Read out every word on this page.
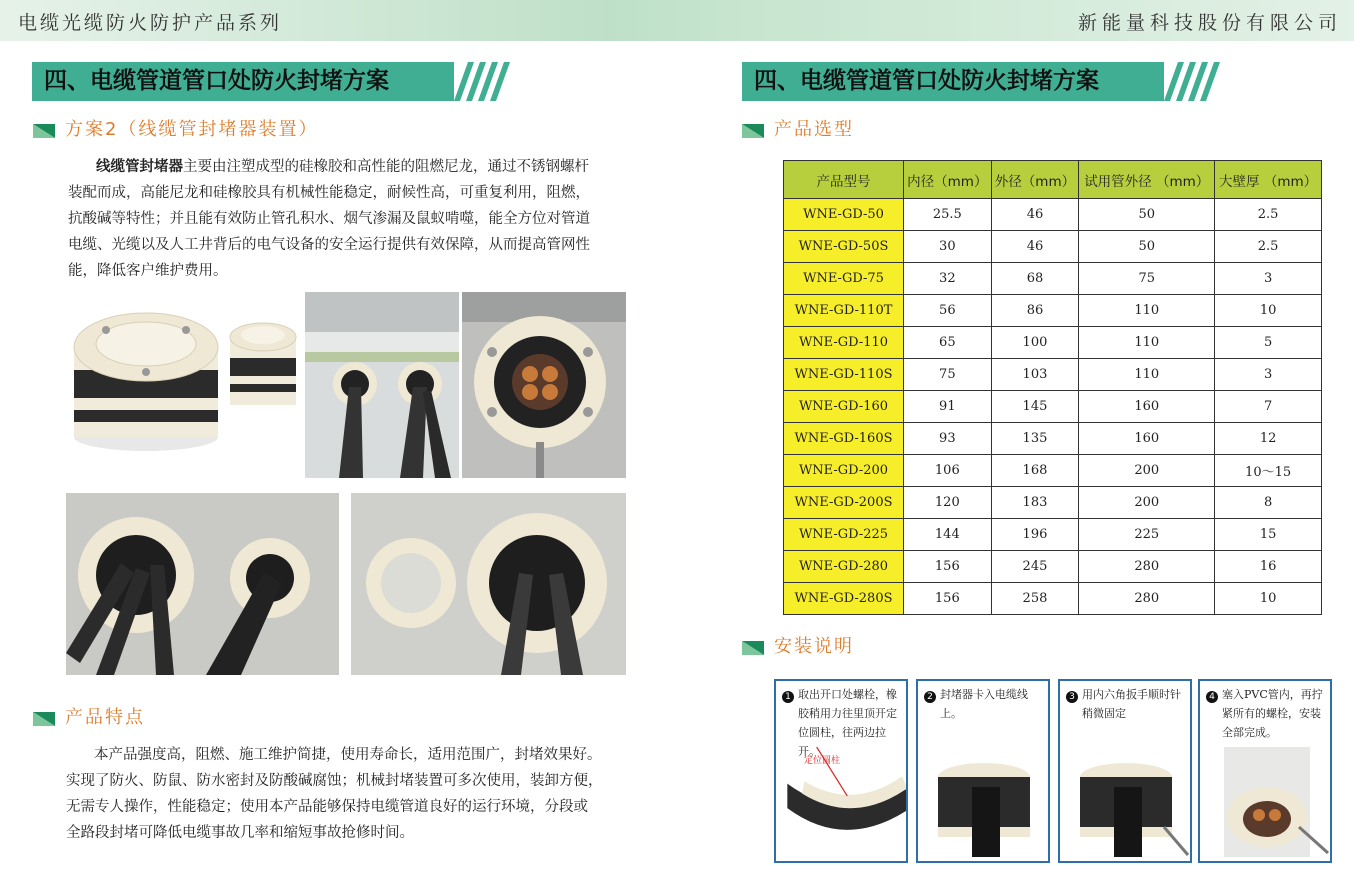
电缆光缆防火防护产品系列	新能量科技股份有限公司
四、电缆管道管口处防火封堵方案
方案2（线缆管封堵器装置）
线缆管封堵器主要由注塑成型的硅橡胶和高性能的阻燃尼龙，通过不锈钢螺杆
装配而成，高能尼龙和硅橡胶具有机械性能稳定，耐候性高，可重复利用，阻燃，
抗酸碱等特性；并且能有效防止管孔积水、烟气渗漏及鼠蚁啃噬，能全方位对管道
电缆、光缆以及人工井背后的电气设备的安全运行提供有效保障，从而提高管网性
能，降低客户维护费用。
产品特点
本产品强度高，阻燃、施工维护简捷，使用寿命长，适用范围广，封堵效果好。
实现了防火、防鼠、防水密封及防酸碱腐蚀；机械封堵装置可多次使用，装卸方便，
无需专人操作，性能稳定；使用本产品能够保持电缆管道良好的运行环境，分段或
全路段封堵可降低电缆事故几率和缩短事故抢修时间。
四、电缆管道管口处防火封堵方案
产品选型
产品型号	内径（mm）	外径（mm）	试用管外径 （mm）	大壁厚 （mm）
WNE-GD-50	25.5	46	50	2.5
WNE-GD-50S	30	46	50	2.5
WNE-GD-75	32	68	75	3
WNE-GD-110T	56	86	110	10
WNE-GD-110	65	100	110	5
WNE-GD-110S	75	103	110	3
WNE-GD-160	91	145	160	7
WNE-GD-160S	93	135	160	12
WNE-GD-200	106	168	200	10～15
WNE-GD-200S	120	183	200	8
WNE-GD-225	144	196	225	15
WNE-GD-280	156	245	280	16
WNE-GD-280S	156	258	280	10
安装说明
1 取出开口处螺栓，橡胶稍用力往里顶开定位圆柱，往两边拉开。
定位圆柱
2 封堵器卡入电缆线上。
3 用内六角扳手顺时针稍微固定
4 塞入PVC管内，再拧紧所有的螺栓，安装全部完成。
